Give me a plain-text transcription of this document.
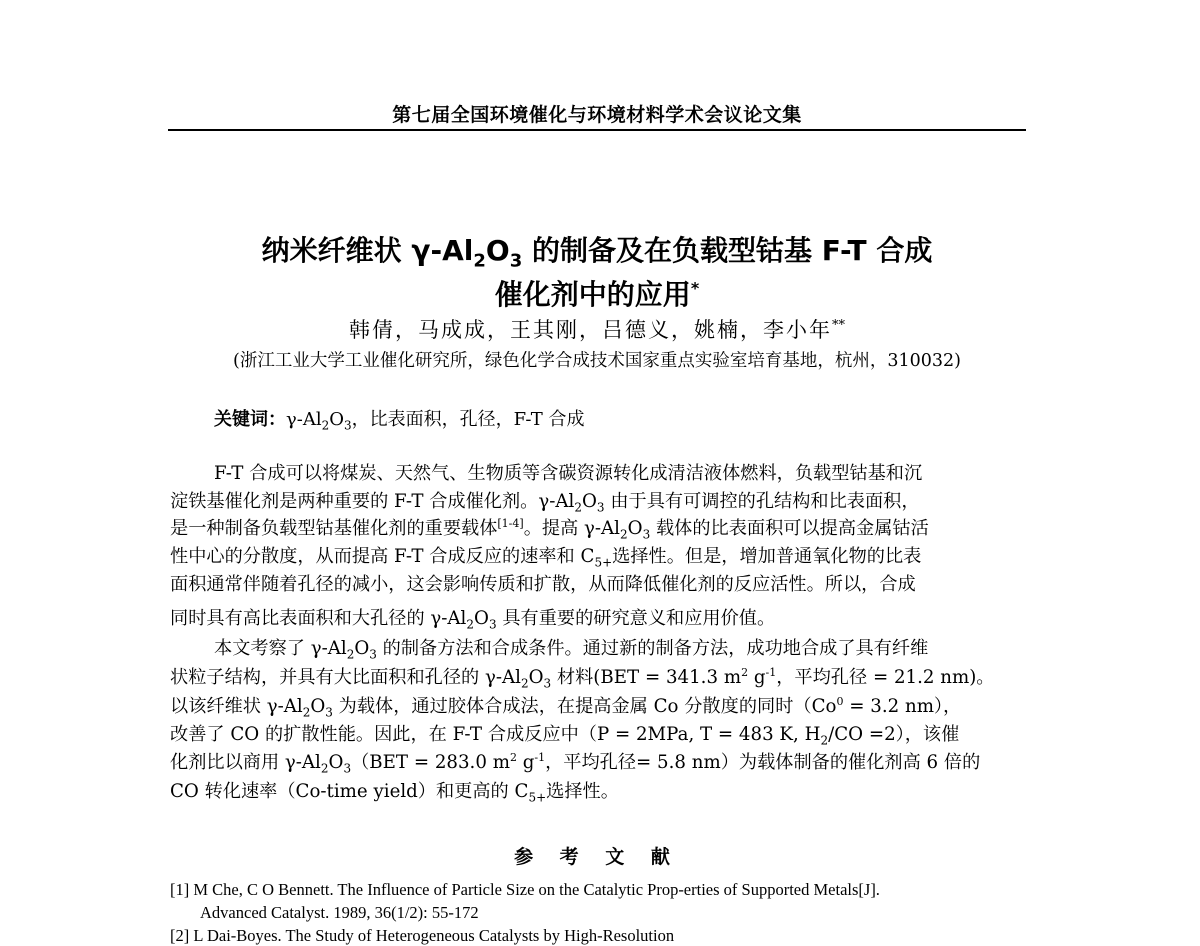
第七届全国环境催化与环境材料学术会议论文集
纳米纤维状 $\gamma-Al_2O_3$ 的制备及在负载型钴基 F-T 合成
催化剂中的应用*
韩倩，马成成，王其刚，吕德义，姚楠，李小年**
(浙江工业大学工业催化研究所，绿色化学合成技术国家重点实验室培育基地，杭州，310032)
关键词：$\gamma-Al_2O_3$，比表面积，孔径，F-T 合成
F-T 合成可以将煤炭、天然气、生物质等含碳资源转化成清洁液体燃料，负载型钴基和沉
淀铁基催化剂是两种重要的 F-T 合成催化剂。$\gamma-Al_2O_3$ 由于具有可调控的孔结构和比表面积，
是一种制备负载型钴基催化剂的重要载体[1-4]。提高 $\gamma-Al_2O_3$ 载体的比表面积可以提高金属钴活
性中心的分散度，从而提高 F-T 合成反应的速率和 $C_{5+}$选择性。但是，增加普通氧化物的比表
面积通常伴随着孔径的减小，这会影响传质和扩散，从而降低催化剂的反应活性。所以，合成
同时具有高比表面积和大孔径的 $\gamma-Al_2O_3$ 具有重要的研究意义和应用价值。
本文考察了 $\gamma-Al_2O_3$ 的制备方法和合成条件。通过新的制备方法，成功地合成了具有纤维
状粒子结构，并具有大比面积和孔径的 $\gamma-Al_2O_3$ 材料(BET = 341.3 $m^2$ $g^{-1}$，平均孔径 = 21.2 nm)。
以该纤维状 $\gamma-Al_2O_3$ 为载体，通过胶体合成法，在提高金属 Co 分散度的同时（$Co^0 = 3.2$ nm），
改善了 CO 的扩散性能。因此，在 F-T 合成反应中（P = 2MPa, T = 483 K, $H_2/CO =2$），该催
化剂比以商用 $\gamma-Al_2O_3(BET = 283.0$ $m^2$ $g^{-1}$，平均孔径= 5.8 nm）为载体制备的催化剂高 6 倍的
CO 转化速率（Co-time yield）和更高的 $C_{5+}$选择性。
参 考 文 献
[1] M Che, C O Bennett. The Influence of Particle Size on the Catalytic Prop-erties of Supported Metals[J].
Advanced Catalyst. 1989, 36(1/2): 55-172
[2] L Dai-Boyes. The Study of Heterogeneous Catalysts by High-Resolution
